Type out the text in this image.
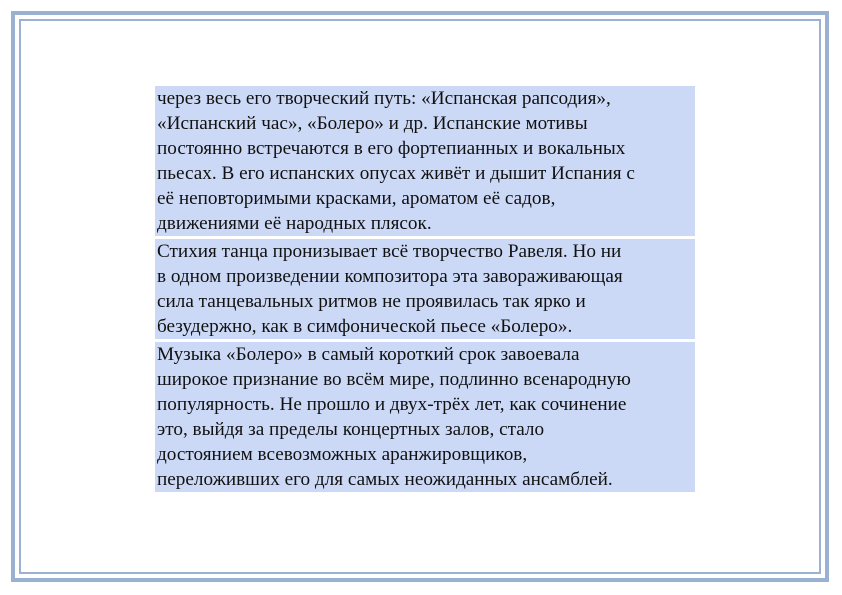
через весь его творческий путь: «Испанская рапсодия»,
«Испанский час», «Болеро» и др. Испанские мотивы
постоянно встречаются в его фортепианных и вокальных
пьесах. В его испанских опусах живёт и дышит Испания с
её неповторимыми красками, ароматом её садов,
движениями её народных плясок.

Стихия танца пронизывает всё творчество Равеля. Но ни
в одном произведении композитора эта завораживающая
сила танцевальных ритмов не проявилась так ярко и
безудержно, как в симфонической пьесе «Болеро».

Музыка «Болеро» в самый короткий срок завоевала
широкое признание во всём мире, подлинно всенародную
популярность. Не прошло и двух-трёх лет, как сочинение
это, выйдя за пределы концертных залов, стало
достоянием всевозможных аранжировщиков,
переложивших его для самых неожиданных ансамблей.
